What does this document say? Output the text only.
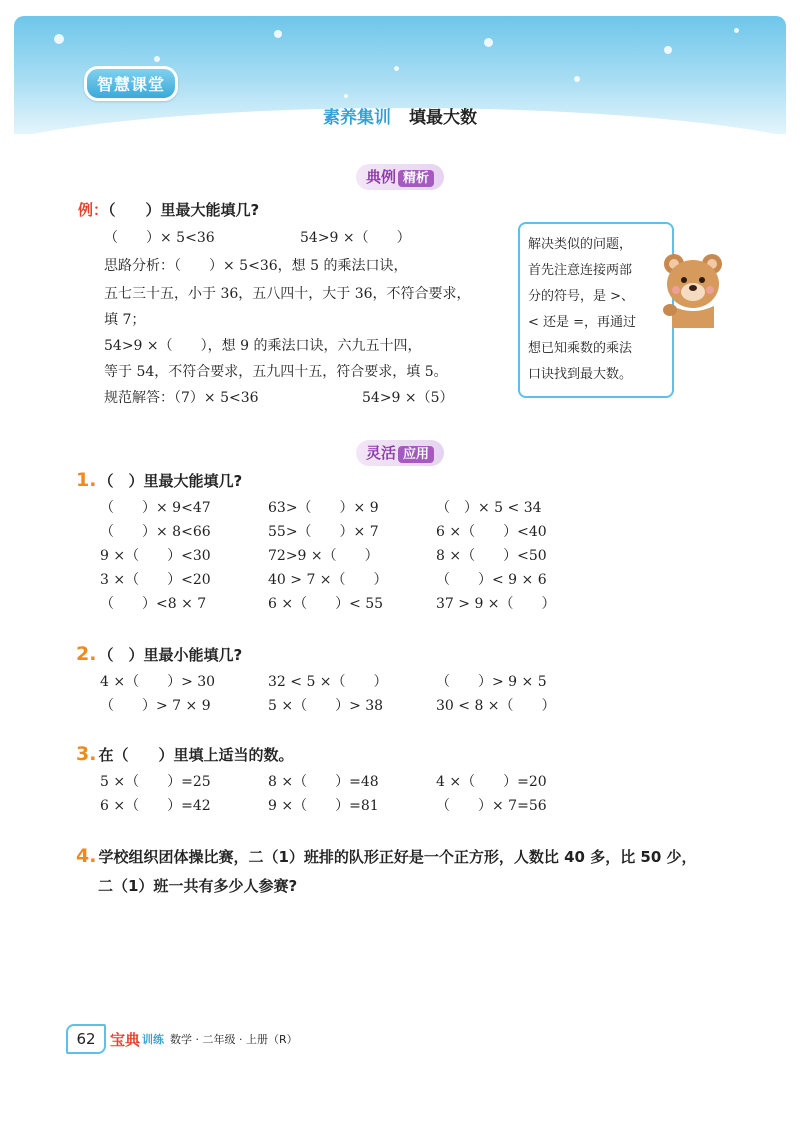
智慧课堂
素养集训 填最大数
典例 精析
例：（　　）里最大能填几?
（　　）× 5<36	54>9 ×（　　）
思路分析：（　　）× 5<36，想 5 的乘法口诀，
五七三十五，小于 36，五八四十，大于 36，不符合要求，
填 7；
54>9 ×（　　），想 9 的乘法口诀，六九五十四，
等于 54，不符合要求，五九四十五，符合要求，填 5。
规范解答：（7）× 5<36	54>9 ×（5）
解决类似的问题，
首先注意连接两部
分的符号，是 >、
< 还是 =，再通过
想已知乘数的乘法
口诀找到最大数。
灵活 应用
1. （　）里最大能填几?
（　　）× 9<47	63>（　　）× 9	（　）× 5 < 34
（　　）× 8<66	55>（　　）× 7	6 ×（　　）<40
9 ×（　　）<30	72>9 ×（　　）	8 ×（　　）<50
3 ×（　　）<20	40 > 7 ×（　　）	（　　）< 9 × 6
（　　）<8 × 7	6 ×（　　）< 55	37 > 9 ×（　　）
2. （　）里最小能填几?
4 ×（　　）> 30	32 < 5 ×（　　）	（　　）> 9 × 5
（　　）> 7 × 9	5 ×（　　）> 38	30 < 8 ×（　　）
3. 在（　　）里填上适当的数。
5 ×（　　）=25	8 ×（　　）=48	4 ×（　　）=20
6 ×（　　）=42	9 ×（　　）=81	（　　）× 7=56
4. 学校组织团体操比赛，二（1）班排的队形正好是一个正方形，人数比 40 多，比 50 少，
二（1）班一共有多少人参赛?
62 宝典 训练 数学 · 二年级 · 上册（R）
